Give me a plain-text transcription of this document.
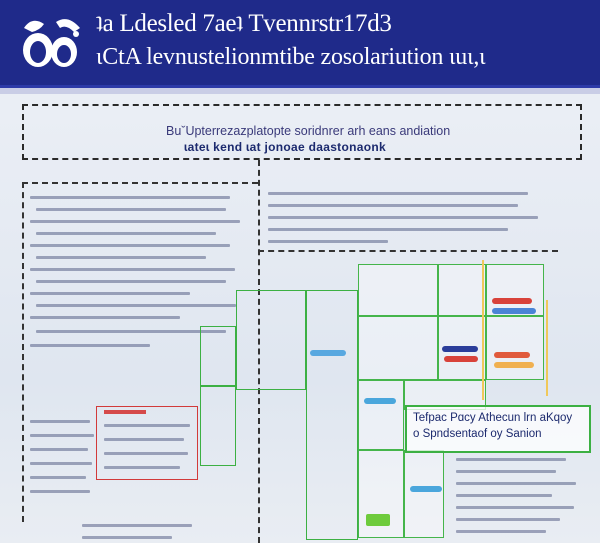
ʇa Ldesled 7aeʇ Tvennrstr17d3
ɩCtA levnustelionmtibe zosolariution ɩuɩ,ɩ
BuˇUpterrezazplatopte soridnrer arh eans andiation
ɩateɩ kend ɩat jonoae daastonaonk
Tefpac Pɑcy Athecun lrn aKqoy
o Spndsentaof oy Sanion
